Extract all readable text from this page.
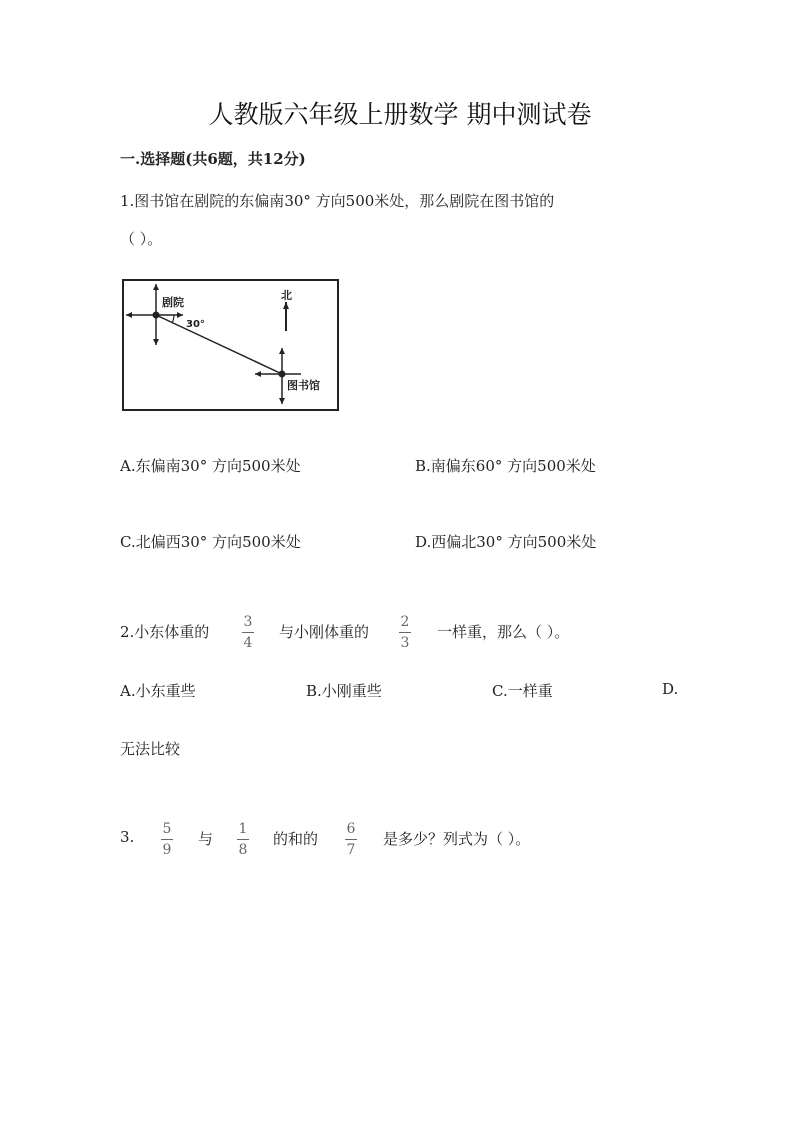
人教版六年级上册数学 期中测试卷
一.选择题(共6题，共12分)
1.图书馆在剧院的东偏南30° 方向500米处，那么剧院在图书馆的
（ ）。
剧院
30°
北
图书馆
A.东偏南30° 方向500米处	B.南偏东60° 方向500米处
C.北偏西30° 方向500米处	D.西偏北30° 方向500米处
2.小东体重的
3
4
与小刚体重的
2
3
一样重，那么（ ）。
A.小东重些	B.小刚重些	C.一样重	D.
无法比较
3. 5
9
与
1
8
的和的
6
7
是多少？列式为（ ）。
